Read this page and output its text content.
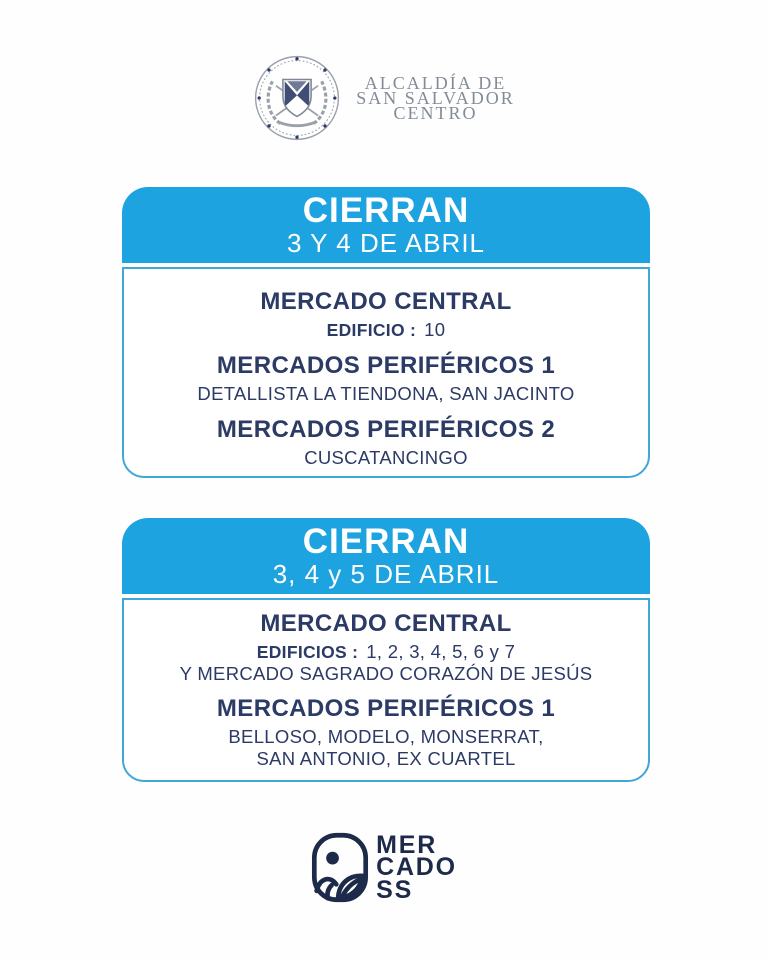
ALCALDÍA DE
SAN SALVADOR
CENTRO
CIERRAN
3 Y 4 DE ABRIL
MERCADO CENTRAL

EDIFICIO : 10

MERCADOS PERIFÉRICOS 1

DETALLISTA LA TIENDONA, SAN JACINTO

MERCADOS PERIFÉRICOS 2

CUSCATANCINGO

CIERRAN
3, 4 y 5 DE ABRIL
MERCADO CENTRAL

EDIFICIOS : 1, 2, 3, 4, 5, 6 y 7

Y MERCADO SAGRADO CORAZÓN DE JESÚS

MERCADOS PERIFÉRICOS 1

BELLOSO, MODELO, MONSERRAT,

SAN ANTONIO, EX CUARTEL

MER
CADO
SS
